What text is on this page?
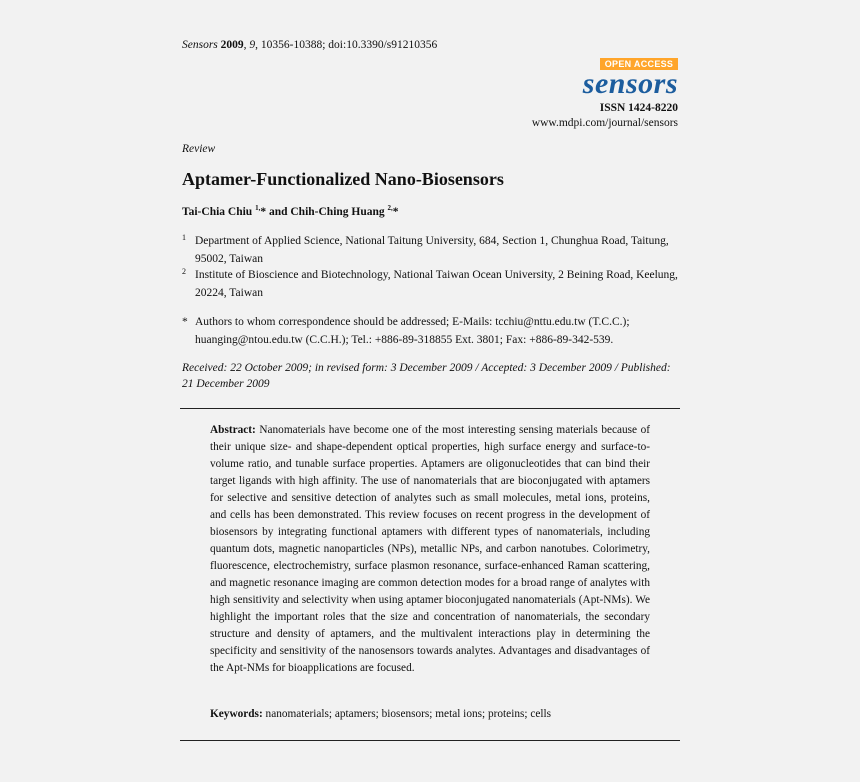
Sensors 2009, 9, 10356-10388; doi:10.3390/s91210356
OPEN ACCESS
sensors
ISSN 1424-8220
www.mdpi.com/journal/sensors
Review
Aptamer-Functionalized Nano-Biosensors
Tai-Chia Chiu $^{1,}$* and Chih-Ching Huang $^{2,}$*
1 Department of Applied Science, National Taitung University, 684, Section 1, Chunghua Road, Taitung, 95002, Taiwan
2 Institute of Bioscience and Biotechnology, National Taiwan Ocean University, 2 Beining Road, Keelung, 20224, Taiwan
* Authors to whom correspondence should be addressed; E-Mails: tcchiu@nttu.edu.tw (T.C.C.); huanging@ntou.edu.tw (C.C.H.); Tel.: +886-89-318855 Ext. 3801; Fax: +886-89-342-539.
Received: 22 October 2009; in revised form: 3 December 2009 / Accepted: 3 December 2009 / Published: 21 December 2009
Abstract: Nanomaterials have become one of the most interesting sensing materials because of their unique size- and shape-dependent optical properties, high surface energy and surface-to-volume ratio, and tunable surface properties. Aptamers are oligonucleotides that can bind their target ligands with high affinity. The use of nanomaterials that are bioconjugated with aptamers for selective and sensitive detection of analytes such as small molecules, metal ions, proteins, and cells has been demonstrated. This review focuses on recent progress in the development of biosensors by integrating functional aptamers with different types of nanomaterials, including quantum dots, magnetic nanoparticles (NPs), metallic NPs, and carbon nanotubes. Colorimetry, fluorescence, electrochemistry, surface plasmon resonance, surface-enhanced Raman scattering, and magnetic resonance imaging are common detection modes for a broad range of analytes with high sensitivity and selectivity when using aptamer bioconjugated nanomaterials (Apt-NMs). We highlight the important roles that the size and concentration of nanomaterials, the secondary structure and density of aptamers, and the multivalent interactions play in determining the specificity and sensitivity of the nanosensors towards analytes. Advantages and disadvantages of the Apt-NMs for bioapplications are focused.
Keywords: nanomaterials; aptamers; biosensors; metal ions; proteins; cells
